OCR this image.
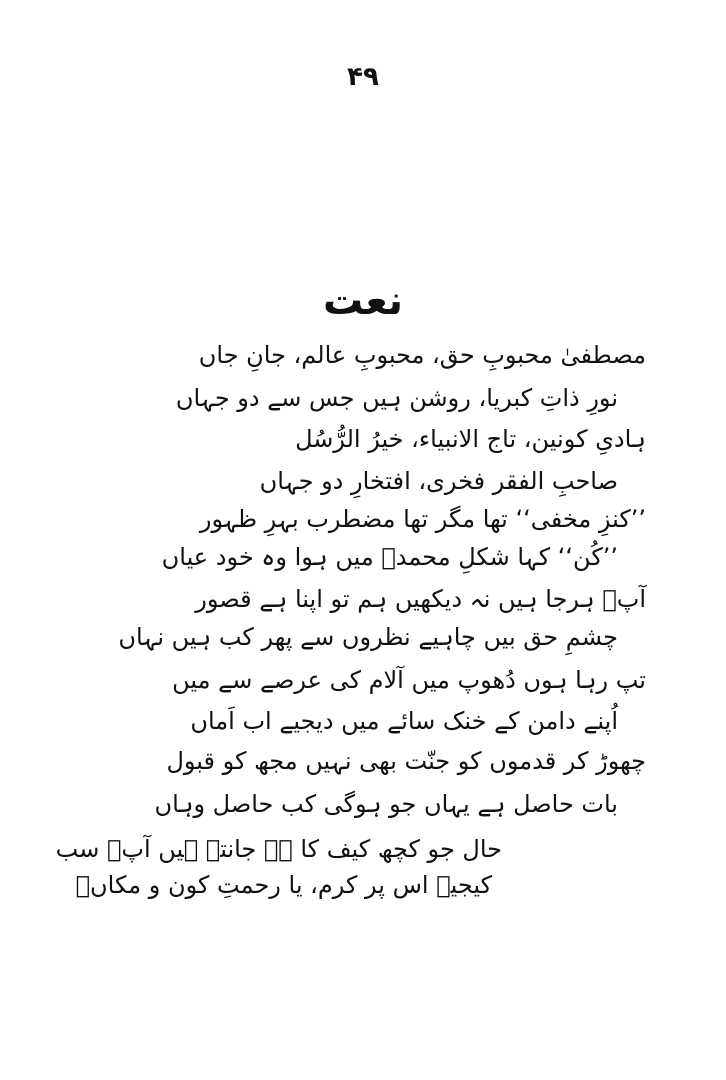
۴۹
نعت
مصطفیٰ محبوبِ حق، محبوبِ عالم، جانِ جاں
نورِ ذاتِ کبریا، روشن ہیں جس سے دو جہاں
ہادیِ کونین، تاج الانبیاء، خیرُ الرُّسُل
صاحبِ الفقر فخری، افتخارِ دو جہاں
’’کنزِ مخفی‘‘ تھا مگر تھا مضطرب بہرِ ظہور
’’کُن‘‘ کہا شکلِ محمدؐ میں ہوا وہ خود عیاں
آپؐ ہرجا ہیں نہ دیکھیں ہم تو اپنا ہے قصور
چشمِ حق بیں چاہیے نظروں سے پھر کب ہیں نہاں
تپ رہا ہوں دُھوپ میں آلام کی عرصے سے میں
اُپنے دامن کے خنک سائے میں دیجیے اب اَماں
چھوڑ کر قدموں کو جنّت بھی نہیں مجھ کو قبول
بات حاصل ہے یہاں جو ہوگی کب حاصل وہاں
حال جو کچھ کیف کا ہے جانتے ہیں آپؐ سب
کیجیے اس پر کرم، یا رحمتِ کون و مکاںؐ
